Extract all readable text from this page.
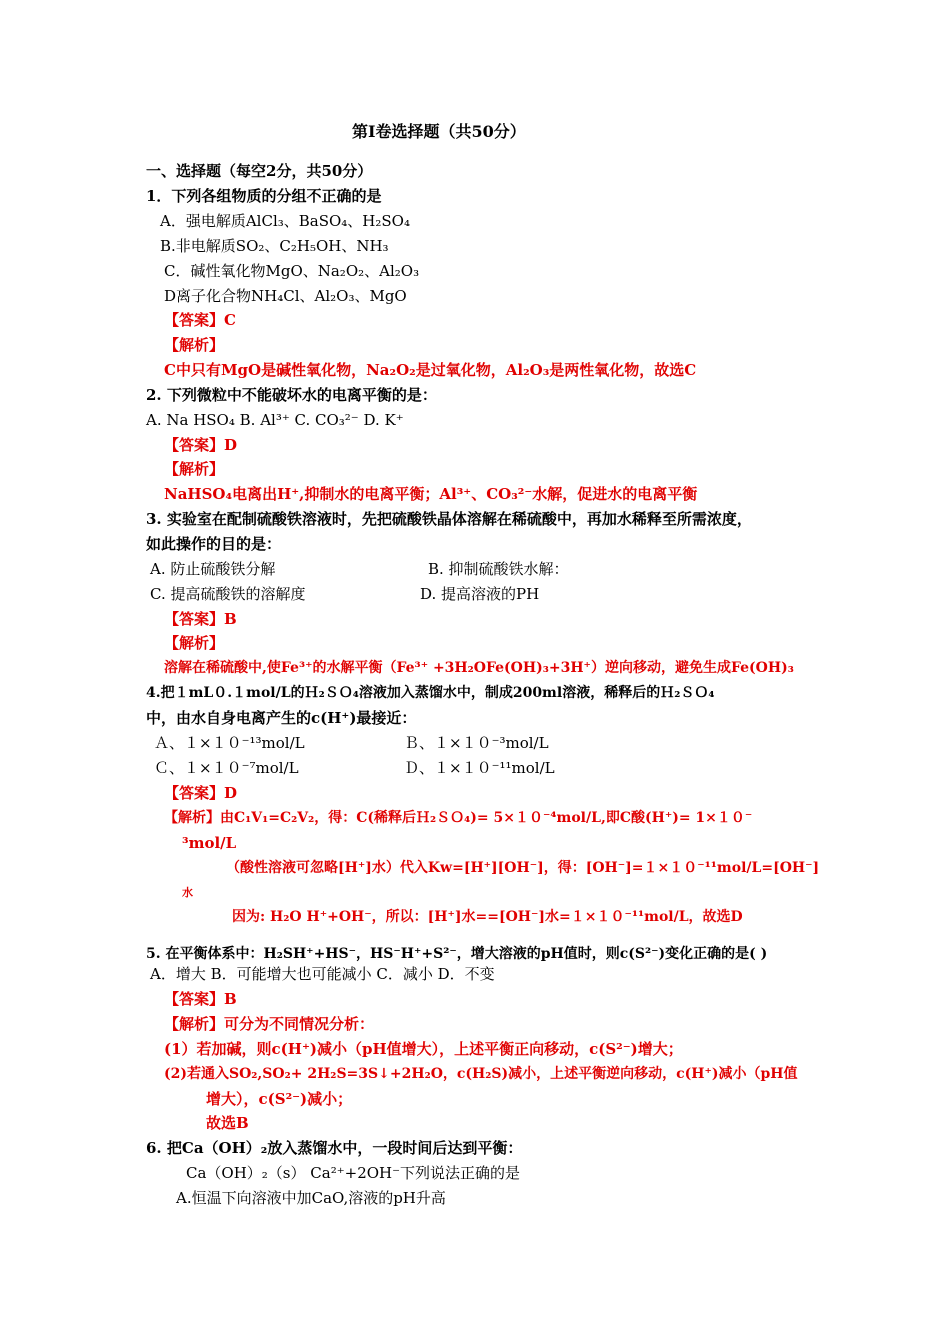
第Ⅰ卷选择题（共50分）
一、选择题（每空2分，共50分）
1．下列各组物质的分组不正确的是
A．强电解质AlCl₃、BaSO₄、H₂SO₄
B.非电解质SO₂、C₂H₅OH、NH₃
C．碱性氧化物MgO、Na₂O₂、Al₂O₃
D离子化合物NH₄Cl、Al₂O₃、MgO
【答案】C
【解析】
C中只有MgO是碱性氧化物，Na₂O₂是过氧化物，Al₂O₃是两性氧化物，故选C
2. 下列微粒中不能破坏水的电离平衡的是：
A. Na HSO₄ B. Al³⁺ C. CO₃²⁻ D. K⁺
【答案】D
【解析】
NaHSO₄电离出H⁺,抑制水的电离平衡；Al³⁺、CO₃²⁻水解，促进水的电离平衡
3. 实验室在配制硫酸铁溶液时，先把硫酸铁晶体溶解在稀硫酸中，再加水稀释至所需浓度，
如此操作的目的是：
A. 防止硫酸铁分解	B. 抑制硫酸铁水解：
C. 提高硫酸铁的溶解度	D. 提高溶液的PH
【答案】B
【解析】
溶解在稀硫酸中,使Fe³⁺的水解平衡（Fe³⁺ +3H₂OFe(OH)₃+3H⁺）逆向移动，避免生成Fe(OH)₃
4.把１mL０.１mol/L的Ｈ₂ＳＯ₄溶液加入蒸馏水中，制成200ml溶液，稀释后的Ｈ₂ＳＯ₄
中，由水自身电离产生的c(H⁺)最接近：
Ａ、１×１０⁻¹³mol/L	Ｂ、１×１０⁻³mol/L
Ｃ、１×１０⁻⁷mol/L	Ｄ、１×１０⁻¹¹mol/L
【答案】D
【解析】由C₁V₁=C₂V₂，得：C(稀释后Ｈ₂ＳＯ₄)= 5×１０⁻⁴mol/L,即C酸(H⁺)= 1×１０⁻
³mol/L
（酸性溶液可忽略[H⁺]水）代入Kw=[H⁺][OH⁻]，得：[OH⁻]=１×１０⁻¹¹mol/L=[OH⁻]
水
因为: H₂O H⁺+OH⁻，所以：[H⁺]水==[OH⁻]水=１×１０⁻¹¹mol/L，故选D
5. 在平衡体系中：H₂SH⁺+HS⁻，HS⁻H⁺+S²⁻，增大溶液的pH值时，则c(S²⁻)变化正确的是( )
A．增大 B．可能增大也可能减小 C．减小 D．不变
【答案】B
【解析】可分为不同情况分析：
(1）若加碱，则c(H⁺)减小（pH值增大），上述平衡正向移动，c(S²⁻)增大；
(2)若通入SO₂,SO₂+ 2H₂S=3S↓+2H₂O，c(H₂S)减小，上述平衡逆向移动，c(H⁺)减小（pH值
增大），c(S²⁻)减小；
故选B
6. 把Ca（OH）₂放入蒸馏水中，一段时间后达到平衡：
Ca（OH）₂（s） Ca²⁺+2OH⁻下列说法正确的是
A.恒温下向溶液中加CaO,溶液的pH升高
